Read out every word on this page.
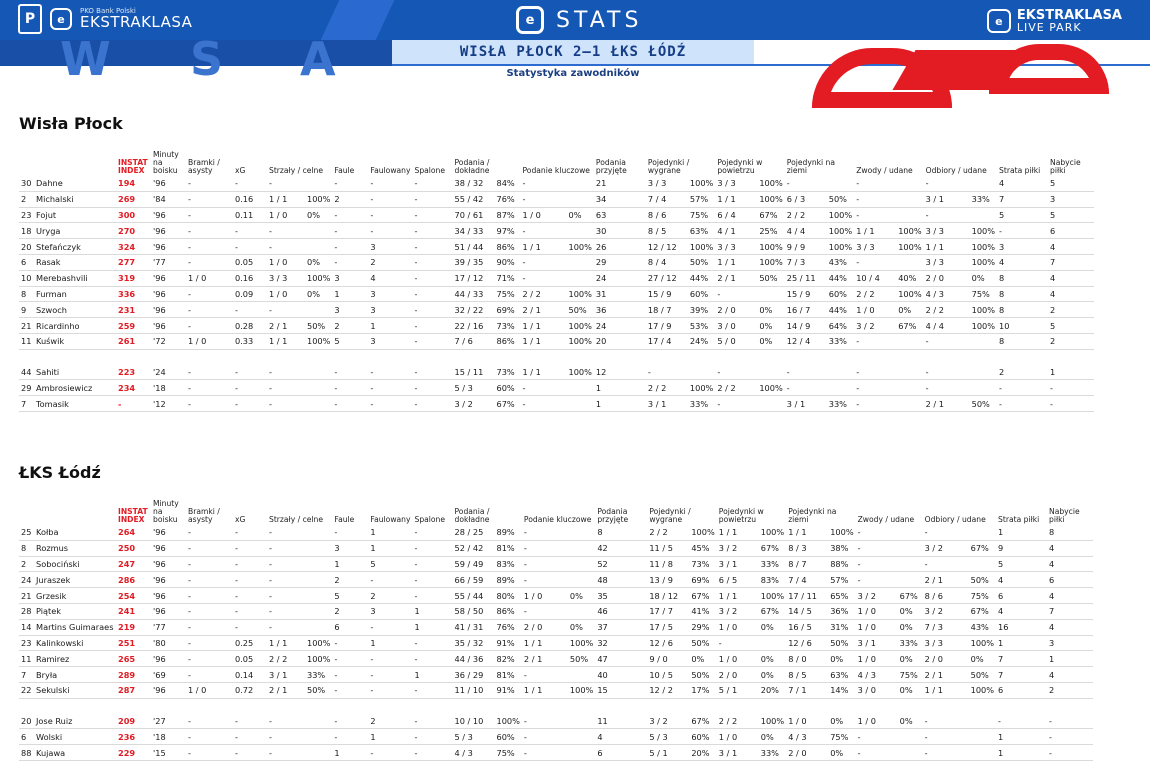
P	e
PKO Bank Polski
EKSTRAKLASA	e STATS	e	EKSTRAKLASA
LIVE PARK
W S A	WISŁA PŁOCK 2–1 ŁKS ŁÓDŹ
Statystyka zawodników
Wisła Płock
	INSTAT INDEX	Minuty na boisku	Bramki / asysty	xG	Strzały / celne		Faule	Faulowany	Spalone	Podania / dokładne		Podanie kluczowe		Podania przyjęte	Pojedynki / wygrane		Pojedynki w powietrzu		Pojedynki na ziemi		Zwody / udane		Odbiory / udane		Strata piłki	Nabycie piłki
30 Dahne	194	'96	-	-	-		-	-	-	38 / 32	84%	-		21	3 / 3	100%	3 / 3	100%	-		-		-		4	5
2 Michalski	269	'84	-	0.16	1 / 1	100%	2	-	-	55 / 42	76%	-		34	7 / 4	57%	1 / 1	100%	6 / 3	50%	-		3 / 1	33%	7	3
23 Fojut	300	'96	-	0.11	1 / 0	0%	-	-	-	70 / 61	87%	1 / 0	0%	63	8 / 6	75%	6 / 4	67%	2 / 2	100%	-		-		5	5
18 Uryga	270	'96	-	-	-		-	-	-	34 / 33	97%	-		30	8 / 5	63%	4 / 1	25%	4 / 4	100%	1 / 1	100%	3 / 3	100%	-	6
20 Stefańczyk	324	'96	-	-	-		-	3	-	51 / 44	86%	1 / 1	100%	26	12 / 12	100%	3 / 3	100%	9 / 9	100%	3 / 3	100%	1 / 1	100%	3	4
6 Rasak	277	'77	-	0.05	1 / 0	0%	-	2	-	39 / 35	90%	-		29	8 / 4	50%	1 / 1	100%	7 / 3	43%	-		3 / 3	100%	4	7
10 Merebashvili	319	'96	1 / 0	0.16	3 / 3	100%	3	4	-	17 / 12	71%	-		24	27 / 12	44%	2 / 1	50%	25 / 11	44%	10 / 4	40%	2 / 0	0%	8	4
8 Furman	336	'96	-	0.09	1 / 0	0%	1	3	-	44 / 33	75%	2 / 2	100%	31	15 / 9	60%	-		15 / 9	60%	2 / 2	100%	4 / 3	75%	8	4
9 Szwoch	231	'96	-	-	-		3	3	-	32 / 22	69%	2 / 1	50%	36	18 / 7	39%	2 / 0	0%	16 / 7	44%	1 / 0	0%	2 / 2	100%	8	2
21 Ricardinho	259	'96	-	0.28	2 / 1	50%	2	1	-	22 / 16	73%	1 / 1	100%	24	17 / 9	53%	3 / 0	0%	14 / 9	64%	3 / 2	67%	4 / 4	100%	10	5
11 Kuświk	261	'72	1 / 0	0.33	1 / 1	100%	5	3	-	7 / 6	86%	1 / 1	100%	20	17 / 4	24%	5 / 0	0%	12 / 4	33%	-		-		8	2

44 Sahiti	223	'24	-	-	-		-	-	-	15 / 11	73%	1 / 1	100%	12	-		-		-		-		-		2	1
29 Ambrosiewicz	234	'18	-	-	-		-	-	-	5 / 3	60%	-		1	2 / 2	100%	2 / 2	100%	-		-		-		-	-
7 Tomasik	-	'12	-	-	-		-	-	-	3 / 2	67%	-		1	3 / 1	33%	-		3 / 1	33%	-		2 / 1	50%	-	-
ŁKS Łódź
	INSTAT INDEX	Minuty na boisku	Bramki / asysty	xG	Strzały / celne		Faule	Faulowany	Spalone	Podania / dokładne		Podanie kluczowe		Podania przyjęte	Pojedynki / wygrane		Pojedynki w powietrzu		Pojedynki na ziemi		Zwody / udane		Odbiory / udane		Strata piłki	Nabycie piłki
25 Kołba	264	'96	-	-	-		-	1	-	28 / 25	89%	-		8	2 / 2	100%	1 / 1	100%	1 / 1	100%	-		-		1	8
8 Rozmus	250	'96	-	-	-		3	1	-	52 / 42	81%	-		42	11 / 5	45%	3 / 2	67%	8 / 3	38%	-		3 / 2	67%	9	4
2 Sobociński	247	'96	-	-	-		1	5	-	59 / 49	83%	-		52	11 / 8	73%	3 / 1	33%	8 / 7	88%	-		-		5	4
24 Juraszek	286	'96	-	-	-		2	-	-	66 / 59	89%	-		48	13 / 9	69%	6 / 5	83%	7 / 4	57%	-		2 / 1	50%	4	6
21 Grzesik	254	'96	-	-	-		5	2	-	55 / 44	80%	1 / 0	0%	35	18 / 12	67%	1 / 1	100%	17 / 11	65%	3 / 2	67%	8 / 6	75%	6	4
28 Piątek	241	'96	-	-	-		2	3	1	58 / 50	86%	-		46	17 / 7	41%	3 / 2	67%	14 / 5	36%	1 / 0	0%	3 / 2	67%	4	7
14 Martins Guimaraes	219	'77	-	-	-		6	-	1	41 / 31	76%	2 / 0	0%	37	17 / 5	29%	1 / 0	0%	16 / 5	31%	1 / 0	0%	7 / 3	43%	16	4
23 Kalinkowski	251	'80	-	0.25	1 / 1	100%	-	1	-	35 / 32	91%	1 / 1	100%	32	12 / 6	50%	-		12 / 6	50%	3 / 1	33%	3 / 3	100%	1	3
11 Ramirez	265	'96	-	0.05	2 / 2	100%	-	-	-	44 / 36	82%	2 / 1	50%	47	9 / 0	0%	1 / 0	0%	8 / 0	0%	1 / 0	0%	2 / 0	0%	7	1
7 Bryła	289	'69	-	0.14	3 / 1	33%	-	-	1	36 / 29	81%	-		40	10 / 5	50%	2 / 0	0%	8 / 5	63%	4 / 3	75%	2 / 1	50%	7	4
22 Sekulski	287	'96	1 / 0	0.72	2 / 1	50%	-	-	-	11 / 10	91%	1 / 1	100%	15	12 / 2	17%	5 / 1	20%	7 / 1	14%	3 / 0	0%	1 / 1	100%	6	2

20 Jose Ruiz	209	'27	-	-	-		-	2	-	10 / 10	100%	-		11	3 / 2	67%	2 / 2	100%	1 / 0	0%	1 / 0	0%	-		-	-
6 Wolski	236	'18	-	-	-		-	1	-	5 / 3	60%	-		4	5 / 3	60%	1 / 0	0%	4 / 3	75%	-		-		1	-
88 Kujawa	229	'15	-	-	-		1	-	-	4 / 3	75%	-		6	5 / 1	20%	3 / 1	33%	2 / 0	0%	-		-		1	-
